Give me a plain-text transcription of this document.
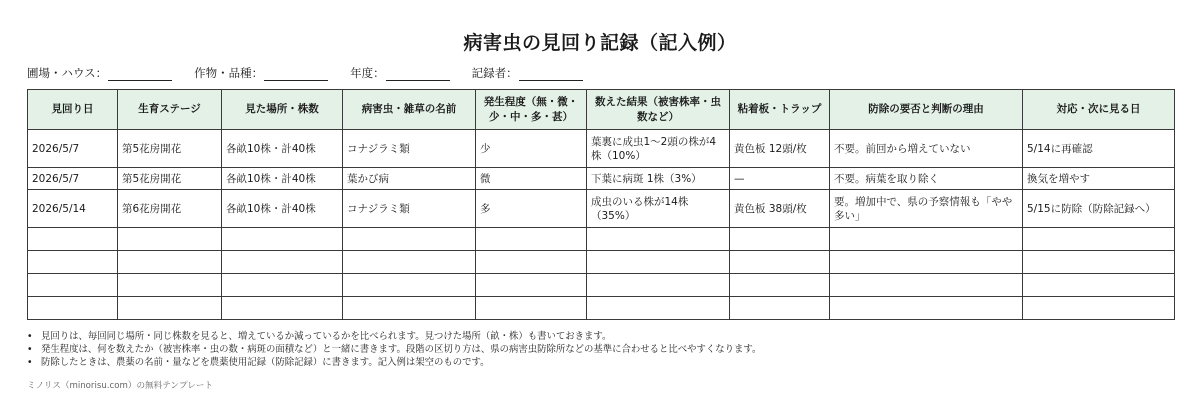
病害虫の見回り記録（記入例）
圃場・ハウス：	作物・品種：	年度：	記録者：
見回り日	生育ステージ	見た場所・株数	病害虫・雑草の名前	発生程度（無・微・少・中・多・甚）	数えた結果（被害株率・虫数など）	粘着板・トラップ	防除の要否と判断の理由	対応・次に見る日
2026/5/7	第5花房開花	各畝10株・計40株	コナジラミ類	少	葉裏に成虫1〜2頭の株が4株（10%）	黄色板 12頭/枚	不要。前回から増えていない	5/14に再確認
2026/5/7	第5花房開花	各畝10株・計40株	葉かび病	微	下葉に病斑 1株（3%）	—	不要。病葉を取り除く	換気を増やす
2026/5/14	第6花房開花	各畝10株・計40株	コナジラミ類	多	成虫のいる株が14株（35%）	黄色板 38頭/枚	要。増加中で、県の予察情報も「やや多い」	5/15に防除（防除記録へ）

• 見回りは、毎回同じ場所・同じ株数を見ると、増えているか減っているかを比べられます。見つけた場所（畝・株）も書いておきます。
• 発生程度は、何を数えたか（被害株率・虫の数・病斑の面積など）と一緒に書きます。段階の区切り方は、県の病害虫防除所などの基準に合わせると比べやすくなります。
• 防除したときは、農薬の名前・量などを農薬使用記録（防除記録）に書きます。記入例は架空のものです。
ミノリス（minorisu.com）の無料テンプレート
